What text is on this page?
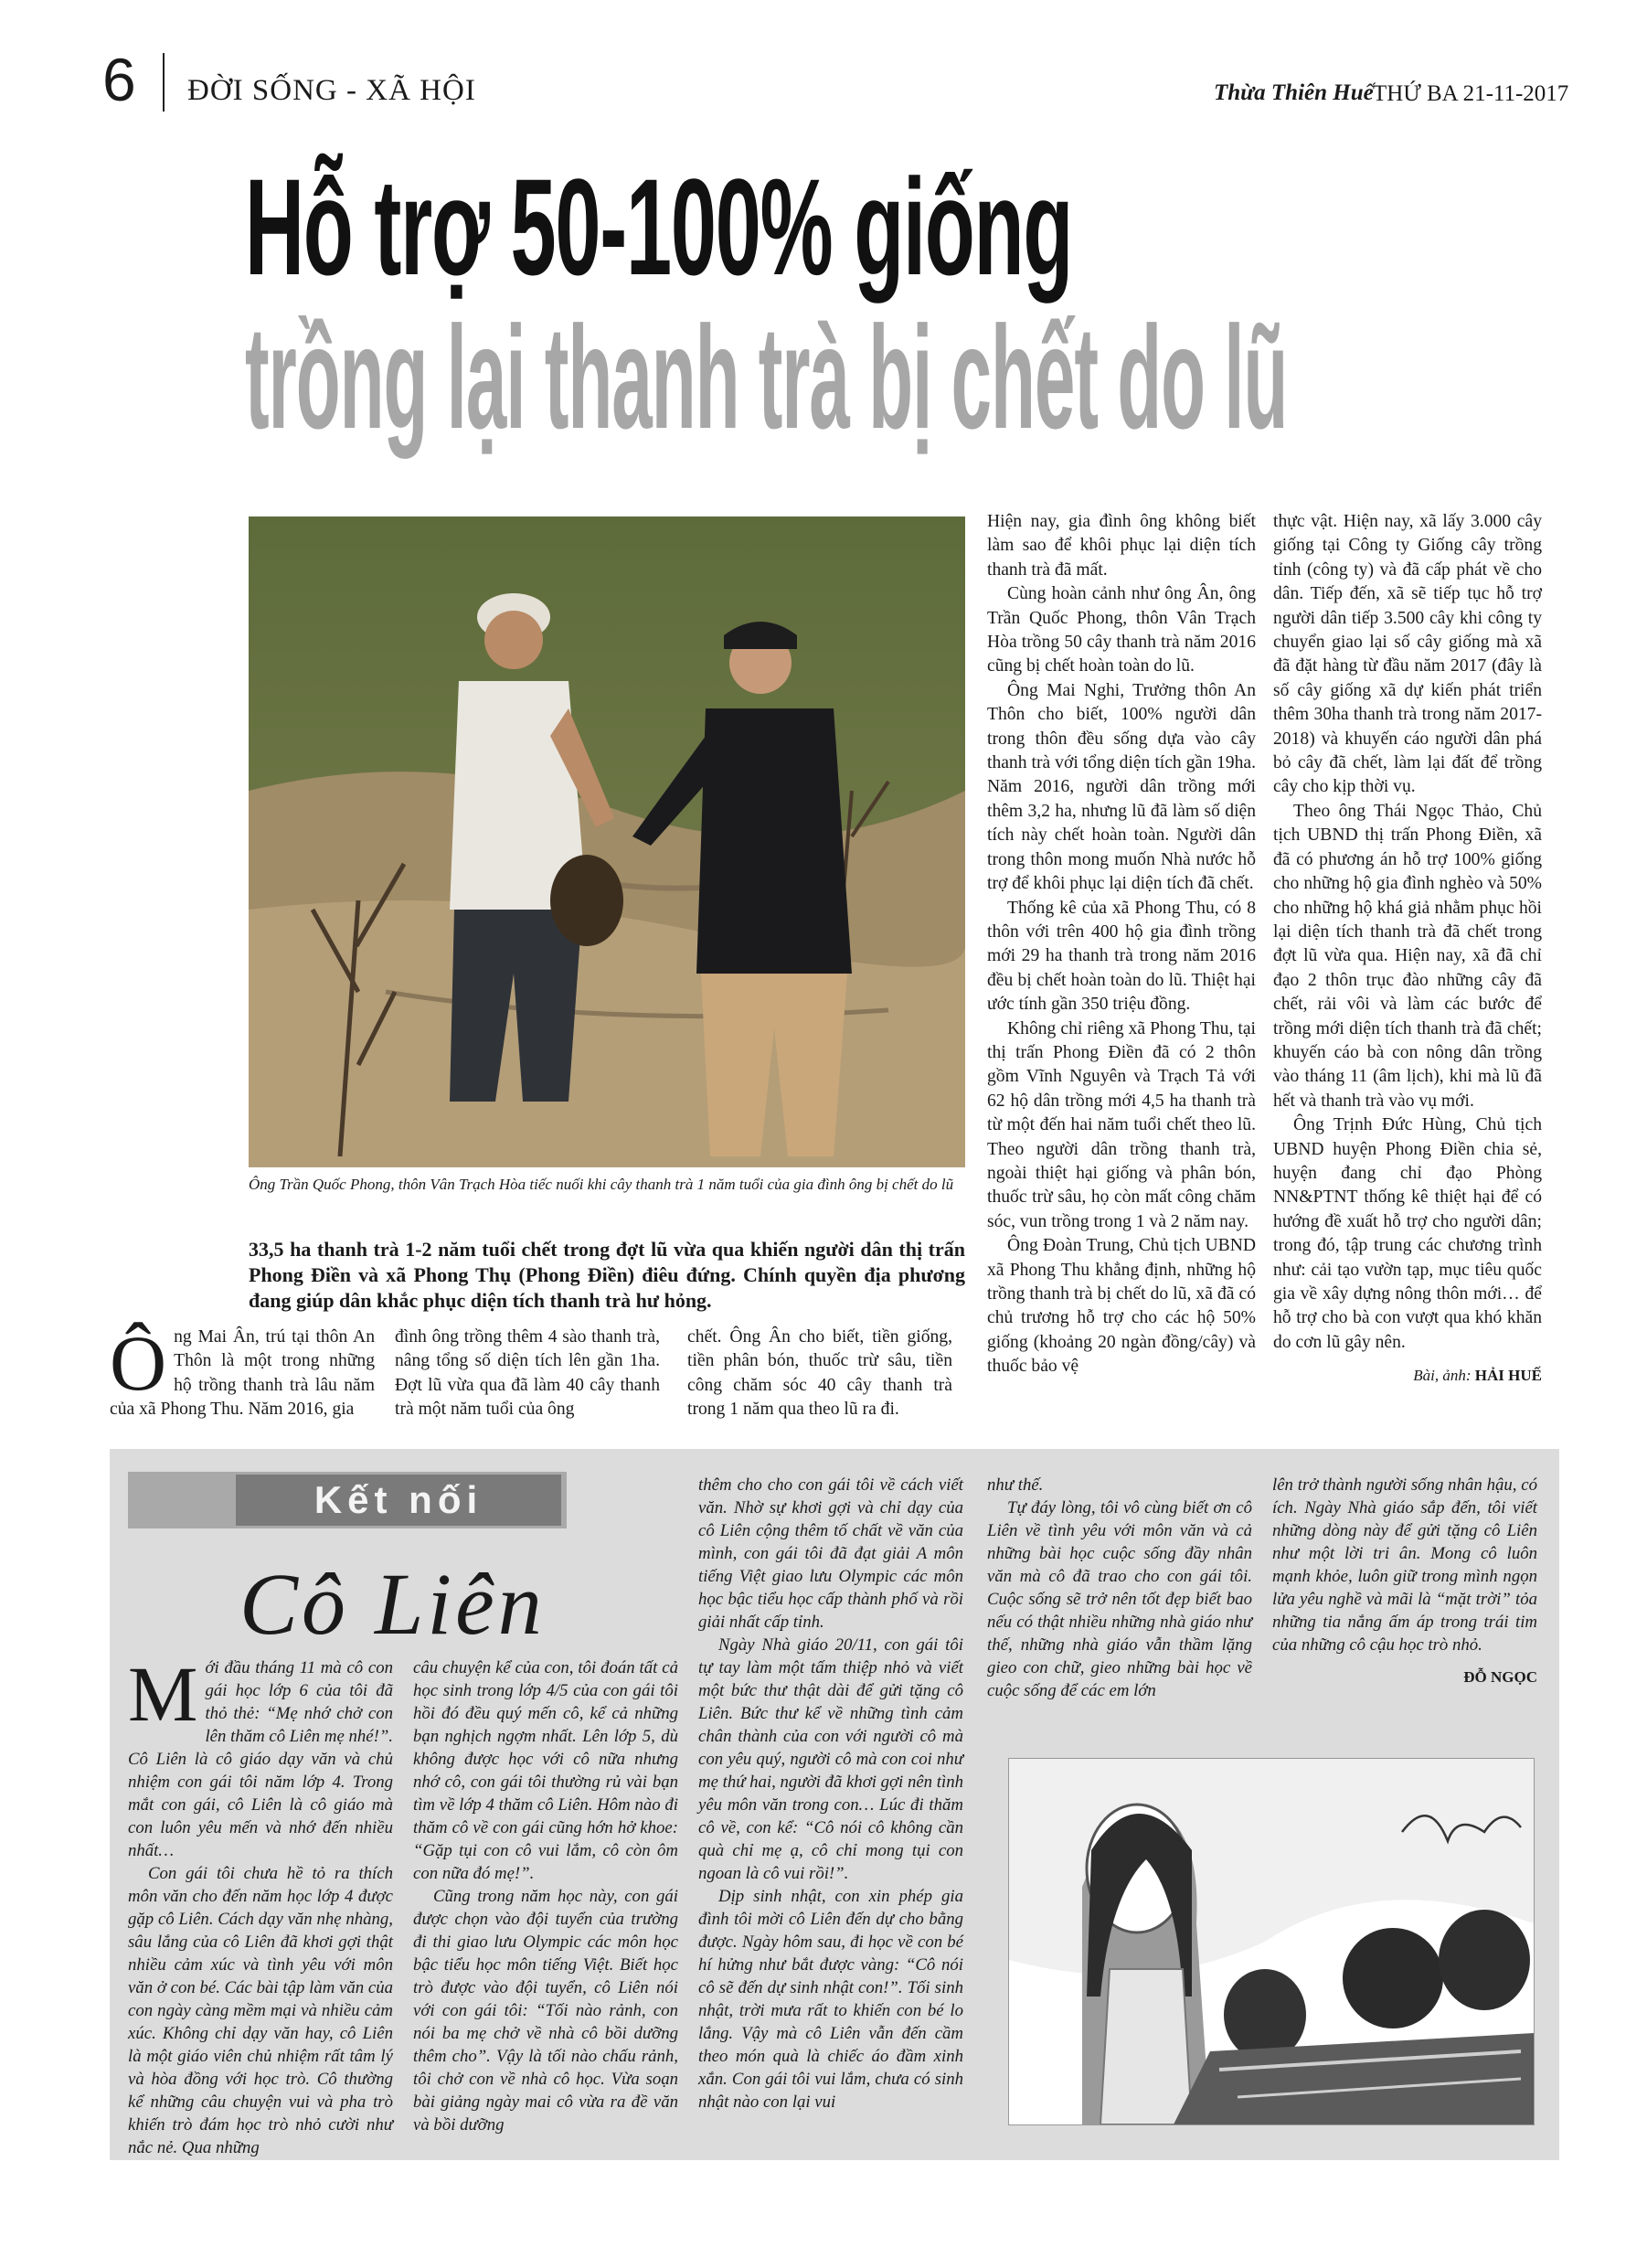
6 ĐỜI SỐNG - XÃ HỘI	Thừa Thiên Huế THỨ BA 21-11-2017
Hỗ trợ 50-100% giống
trồng lại thanh trà bị chết do lũ
Ông Trần Quốc Phong, thôn Vân Trạch Hòa tiếc nuối khi cây thanh trà 1 năm tuổi của gia đình ông bị chết do lũ
33,5 ha thanh trà 1-2 năm tuổi chết trong đợt lũ vừa qua khiến người dân thị trấn Phong Điền và xã Phong Thụ (Phong Điền) điêu đứng. Chính quyền địa phương đang giúp dân khắc phục diện tích thanh trà hư hỏng.

Ông Mai Ân, trú tại thôn An Thôn là một trong những hộ trồng thanh trà lâu năm của xã Phong Thu. Năm 2016, gia

đình ông trồng thêm 4 sào thanh trà, nâng tổng số diện tích lên gần 1ha. Đợt lũ vừa qua đã làm 40 cây thanh trà một năm tuổi của ông

chết. Ông Ân cho biết, tiền giống, tiền phân bón, thuốc trừ sâu, tiền công chăm sóc 40 cây thanh trà trong 1 năm qua theo lũ ra đi.

Hiện nay, gia đình ông không biết làm sao để khôi phục lại diện tích thanh trà đã mất.

Cùng hoàn cảnh như ông Ân, ông Trần Quốc Phong, thôn Vân Trạch Hòa trồng 50 cây thanh trà năm 2016 cũng bị chết hoàn toàn do lũ.

Ông Mai Nghi, Trưởng thôn An Thôn cho biết, 100% người dân trong thôn đều sống dựa vào cây thanh trà với tổng diện tích gần 19ha. Năm 2016, người dân trồng mới thêm 3,2 ha, nhưng lũ đã làm số diện tích này chết hoàn toàn. Người dân trong thôn mong muốn Nhà nước hỗ trợ để khôi phục lại diện tích đã chết.

Thống kê của xã Phong Thu, có 8 thôn với trên 400 hộ gia đình trồng mới 29 ha thanh trà trong năm 2016 đều bị chết hoàn toàn do lũ. Thiệt hại ước tính gần 350 triệu đồng.

Không chỉ riêng xã Phong Thu, tại thị trấn Phong Điền đã có 2 thôn gồm Vĩnh Nguyên và Trạch Tả với 62 hộ dân trồng mới 4,5 ha thanh trà từ một đến hai năm tuổi chết theo lũ. Theo người dân trồng thanh trà, ngoài thiệt hại giống và phân bón, thuốc trừ sâu, họ còn mất công chăm sóc, vun trồng trong 1 và 2 năm nay.

Ông Đoàn Trung, Chủ tịch UBND xã Phong Thu khẳng định, những hộ trồng thanh trà bị chết do lũ, xã đã có chủ trương hỗ trợ cho các hộ 50% giống (khoảng 20 ngàn đồng/cây) và thuốc bảo vệ

thực vật. Hiện nay, xã lấy 3.000 cây giống tại Công ty Giống cây trồng tỉnh (công ty) và đã cấp phát về cho dân. Tiếp đến, xã sẽ tiếp tục hỗ trợ người dân tiếp 3.500 cây khi công ty chuyển giao lại số cây giống mà xã đã đặt hàng từ đầu năm 2017 (đây là số cây giống xã dự kiến phát triển thêm 30ha thanh trà trong năm 2017-2018) và khuyến cáo người dân phá bỏ cây đã chết, làm lại đất để trồng cây cho kịp thời vụ.

Theo ông Thái Ngọc Thảo, Chủ tịch UBND thị trấn Phong Điền, xã đã có phương án hỗ trợ 100% giống cho những hộ gia đình nghèo và 50% cho những hộ khá giả nhằm phục hồi lại diện tích thanh trà đã chết trong đợt lũ vừa qua. Hiện nay, xã đã chỉ đạo 2 thôn trục đào những cây đã chết, rải vôi và làm các bước để trồng mới diện tích thanh trà đã chết; khuyến cáo bà con nông dân trồng vào tháng 11 (âm lịch), khi mà lũ đã hết và thanh trà vào vụ mới.

Ông Trịnh Đức Hùng, Chủ tịch UBND huyện Phong Điền chia sẻ, huyện đang chỉ đạo Phòng NN&PTNT thống kê thiệt hại để có hướng đề xuất hỗ trợ cho người dân; trong đó, tập trung các chương trình như: cải tạo vườn tạp, mục tiêu quốc gia về xây dựng nông thôn mới… để hỗ trợ cho bà con vượt qua khó khăn do cơn lũ gây nên.

Bài, ảnh: HẢI HUẾ
Kết nối
Cô Liên

Mới đầu tháng 11 mà cô con gái học lớp 6 của tôi đã thỏ thẻ: “Mẹ nhớ chở con lên thăm cô Liên mẹ nhé!”. Cô Liên là cô giáo dạy văn và chủ nhiệm con gái tôi năm lớp 4. Trong mắt con gái, cô Liên là cô giáo mà con luôn yêu mến và nhớ đến nhiều nhất…

Con gái tôi chưa hề tỏ ra thích môn văn cho đến năm học lớp 4 được gặp cô Liên. Cách dạy văn nhẹ nhàng, sâu lắng của cô Liên đã khơi gợi thật nhiều cảm xúc và tình yêu với môn văn ở con bé. Các bài tập làm văn của con ngày càng mềm mại và nhiều cảm xúc. Không chỉ dạy văn hay, cô Liên là một giáo viên chủ nhiệm rất tâm lý và hòa đồng với học trò. Cô thường kể những câu chuyện vui và pha trò khiến trò đám học trò nhỏ cười như nắc nẻ. Qua những

câu chuyện kể của con, tôi đoán tất cả học sinh trong lớp 4/5 của con gái tôi hồi đó đều quý mến cô, kể cả những bạn nghịch ngợm nhất. Lên lớp 5, dù không được học với cô nữa nhưng nhớ cô, con gái tôi thường rủ vài bạn tìm về lớp 4 thăm cô Liên. Hôm nào đi thăm cô về con gái cũng hớn hở khoe: “Gặp tụi con cô vui lắm, cô còn ôm con nữa đó mẹ!”.

Cũng trong năm học này, con gái được chọn vào đội tuyển của trường đi thi giao lưu Olympic các môn học bậc tiểu học môn tiếng Việt. Biết học trò được vào đội tuyển, cô Liên nói với con gái tôi: “Tối nào rảnh, con nói ba mẹ chở về nhà cô bồi dưỡng thêm cho”. Vậy là tối nào chấu rảnh, tôi chở con về nhà cô học. Vừa soạn bài giảng ngày mai cô vừa ra đề văn và bồi dưỡng

thêm cho cho con gái tôi về cách viết văn. Nhờ sự khơi gợi và chỉ dạy của cô Liên cộng thêm tố chất về văn của mình, con gái tôi đã đạt giải A môn tiếng Việt giao lưu Olympic các môn học bậc tiểu học cấp thành phố và rồi giải nhất cấp tỉnh.

Ngày Nhà giáo 20/11, con gái tôi tự tay làm một tấm thiệp nhỏ và viết một bức thư thật dài để gửi tặng cô Liên. Bức thư kể về những tình cảm chân thành của con với người cô mà con yêu quý, người cô mà con coi như mẹ thứ hai, người đã khơi gợi nên tình yêu môn văn trong con… Lúc đi thăm cô về, con kể: “Cô nói cô không cần quà chỉ mẹ ạ, cô chỉ mong tụi con ngoan là cô vui rồi!”.

Dịp sinh nhật, con xin phép gia đình tôi mời cô Liên đến dự cho bằng được. Ngày hôm sau, đi học về con bé hí hửng như bắt được vàng: “Cô nói cô sẽ đến dự sinh nhật con!”. Tối sinh nhật, trời mưa rất to khiến con bé lo lắng. Vậy mà cô Liên vẫn đến cầm theo món quà là chiếc áo đầm xinh xắn. Con gái tôi vui lắm, chưa có sinh nhật nào con lại vui

như thế.

Tự đáy lòng, tôi vô cùng biết ơn cô Liên về tình yêu với môn văn và cả những bài học cuộc sống đầy nhân văn mà cô đã trao cho con gái tôi. Cuộc sống sẽ trở nên tốt đẹp biết bao nếu có thật nhiều những nhà giáo như thế, những nhà giáo vẫn thầm lặng gieo con chữ, gieo những bài học về cuộc sống để các em lớn

lên trở thành người sống nhân hậu, có ích. Ngày Nhà giáo sắp đến, tôi viết những dòng này để gửi tặng cô Liên như một lời tri ân. Mong cô luôn mạnh khỏe, luôn giữ trong mình ngọn lửa yêu nghề và mãi là “mặt trời” tỏa những tia nắng ấm áp trong trái tim của những cô cậu học trò nhỏ.

ĐỖ NGỌC
